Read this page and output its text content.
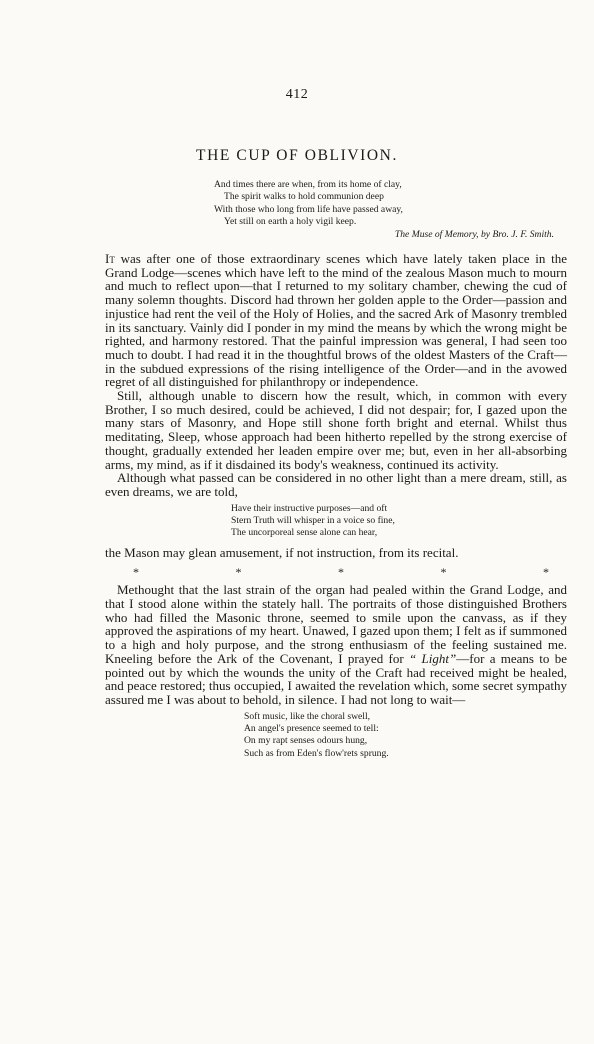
412
THE CUP OF OBLIVION.
And times there are when, from its home of clay,
The spirit walks to hold communion deep
With those who long from life have passed away,
Yet still on earth a holy vigil keep.
The Muse of Memory, by Bro. J. F. Smith.

It was after one of those extraordinary scenes which have lately taken place in the Grand Lodge—scenes which have left to the mind of the zealous Mason much to mourn and much to reflect upon—that I returned to my solitary chamber, chewing the cud of many solemn thoughts. Discord had thrown her golden apple to the Order—passion and injustice had rent the veil of the Holy of Holies, and the sacred Ark of Masonry trembled in its sanctuary. Vainly did I ponder in my mind the means by which the wrong might be righted, and harmony restored. That the painful impression was general, I had seen too much to doubt. I had read it in the thoughtful brows of the oldest Masters of the Craft—in the subdued expressions of the rising intelligence of the Order—and in the avowed regret of all distinguished for philanthropy or independence.

Still, although unable to discern how the result, which, in common with every Brother, I so much desired, could be achieved, I did not despair; for, I gazed upon the many stars of Masonry, and Hope still shone forth bright and eternal. Whilst thus meditating, Sleep, whose approach had been hitherto repelled by the strong exercise of thought, gradually extended her leaden empire over me; but, even in her all-absorbing arms, my mind, as if it disdained its body's weakness, continued its activity.

Although what passed can be considered in no other light than a mere dream, still, as even dreams, we are told,

Have their instructive purposes—and oft
Stern Truth will whisper in a voice so fine,
The uncorporeal sense alone can hear,

the Mason may glean amusement, if not instruction, from its recital.

*	*	*	*	*

Methought that the last strain of the organ had pealed within the Grand Lodge, and that I stood alone within the stately hall. The portraits of those distinguished Brothers who had filled the Masonic throne, seemed to smile upon the canvass, as if they approved the aspirations of my heart. Unawed, I gazed upon them; I felt as if summoned to a high and holy purpose, and the strong enthusiasm of the feeling sustained me. Kneeling before the Ark of the Covenant, I prayed for “ Light”—for a means to be pointed out by which the wounds the unity of the Craft had received might be healed, and peace restored; thus occupied, I awaited the revelation which, some secret sympathy assured me I was about to behold, in silence. I had not long to wait—

Soft music, like the choral swell,
An angel's presence seemed to tell:
On my rapt senses odours hung,
Such as from Eden's flow'rets sprung.
